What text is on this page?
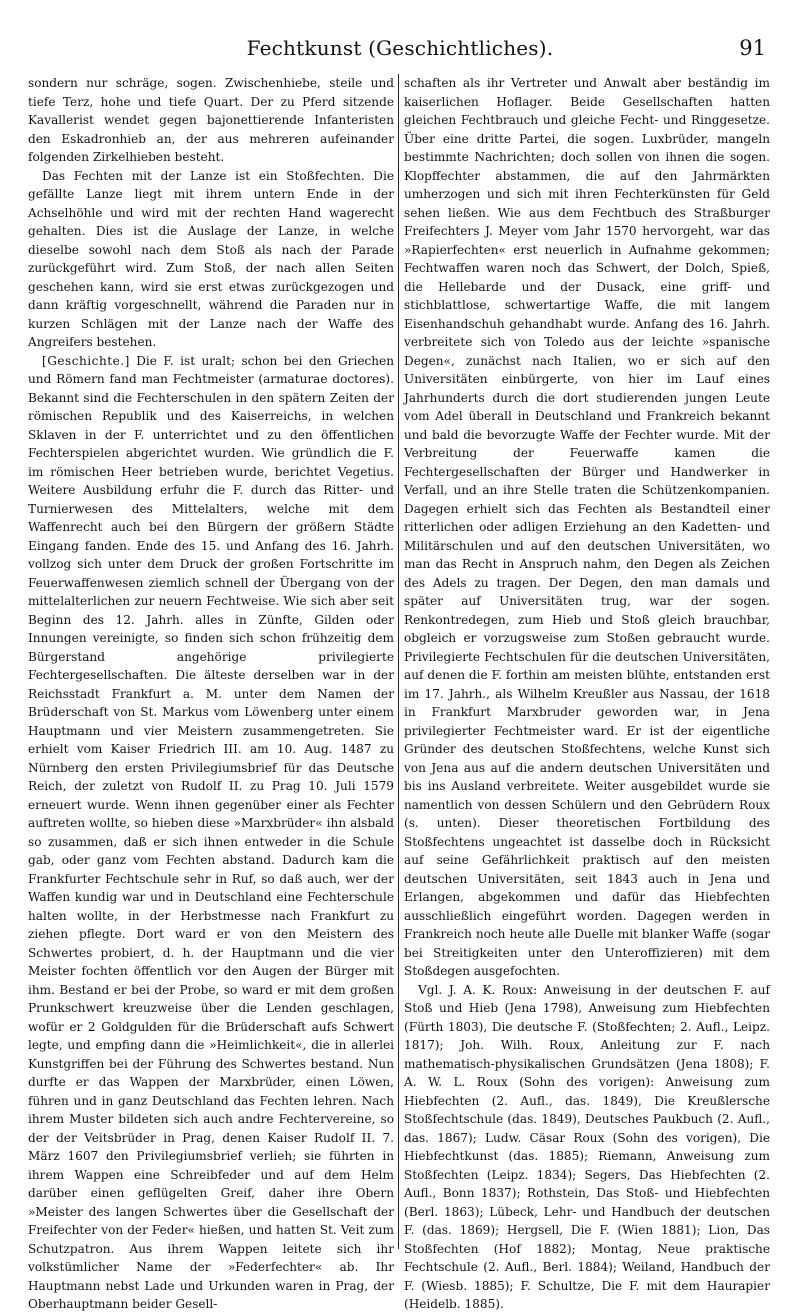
Fechtkunst (Geschichtliches).	91

sondern nur schräge, sogen. Zwischenhiebe, steile und tiefe Terz, hohe und tiefe Quart. Der zu Pferd sitzende Kavallerist wendet gegen bajonettierende Infanteristen den Eskadronhieb an, der aus mehreren aufeinander folgenden Zirkelhieben besteht.

Das Fechten mit der Lanze ist ein Stoßfechten. Die gefällte Lanze liegt mit ihrem untern Ende in der Achselhöhle und wird mit der rechten Hand wagerecht gehalten. Dies ist die Auslage der Lanze, in welche dieselbe sowohl nach dem Stoß als nach der Parade zurückgeführt wird. Zum Stoß, der nach allen Seiten geschehen kann, wird sie erst etwas zurückgezogen und dann kräftig vorgeschnellt, während die Paraden nur in kurzen Schlägen mit der Lanze nach der Waffe des Angreifers bestehen.

[Geschichte.] Die F. ist uralt; schon bei den Griechen und Römern fand man Fechtmeister (armaturae doctores). Bekannt sind die Fechterschulen in den spätern Zeiten der römischen Republik und des Kaiserreichs, in welchen Sklaven in der F. unterrichtet und zu den öffentlichen Fechterspielen abgerichtet wurden. Wie gründlich die F. im römischen Heer betrieben wurde, berichtet Vegetius. Weitere Ausbildung erfuhr die F. durch das Ritter- und Turnierwesen des Mittelalters, welche mit dem Waffenrecht auch bei den Bürgern der größern Städte Eingang fanden. Ende des 15. und Anfang des 16. Jahrh. vollzog sich unter dem Druck der großen Fortschritte im Feuerwaffenwesen ziemlich schnell der Übergang von der mittelalterlichen zur neuern Fechtweise. Wie sich aber seit Beginn des 12. Jahrh. alles in Zünfte, Gilden oder Innungen vereinigte, so finden sich schon frühzeitig dem Bürgerstand angehörige privilegierte Fechtergesellschaften. Die älteste derselben war in der Reichsstadt Frankfurt a. M. unter dem Namen der Brüderschaft von St. Markus vom Löwenberg unter einem Hauptmann und vier Meistern zusammengetreten. Sie erhielt vom Kaiser Friedrich III. am 10. Aug. 1487 zu Nürnberg den ersten Privilegiumsbrief für das Deutsche Reich, der zuletzt von Rudolf II. zu Prag 10. Juli 1579 erneuert wurde. Wenn ihnen gegenüber einer als Fechter auftreten wollte, so hieben diese »Marxbrüder« ihn alsbald so zusammen, daß er sich ihnen entweder in die Schule gab, oder ganz vom Fechten abstand. Dadurch kam die Frankfurter Fechtschule sehr in Ruf, so daß auch, wer der Waffen kundig war und in Deutschland eine Fechterschule halten wollte, in der Herbstmesse nach Frankfurt zu ziehen pflegte. Dort ward er von den Meistern des Schwertes probiert, d. h. der Hauptmann und die vier Meister fochten öffentlich vor den Augen der Bürger mit ihm. Bestand er bei der Probe, so ward er mit dem großen Prunkschwert kreuzweise über die Lenden geschlagen, wofür er 2 Goldgulden für die Brüderschaft aufs Schwert legte, und empfing dann die »Heimlichkeit«, die in allerlei Kunstgriffen bei der Führung des Schwertes bestand. Nun durfte er das Wappen der Marxbrüder, einen Löwen, führen und in ganz Deutschland das Fechten lehren. Nach ihrem Muster bildeten sich auch andre Fechtervereine, so der der Veitsbrüder in Prag, denen Kaiser Rudolf II. 7. März 1607 den Privilegiumsbrief verlieh; sie führten in ihrem Wappen eine Schreibfeder und auf dem Helm darüber einen geflügelten Greif, daher ihre Obern »Meister des langen Schwertes über die Gesellschaft der Freifechter von der Feder« hießen, und hatten St. Veit zum Schutzpatron. Aus ihrem Wappen leitete sich ihr volkstümlicher Name der »Federfechter« ab. Ihr Hauptmann nebst Lade und Urkunden waren in Prag, der Oberhauptmann beider Gesell-

schaften als ihr Vertreter und Anwalt aber beständig im kaiserlichen Hoflager. Beide Gesellschaften hatten gleichen Fechtbrauch und gleiche Fecht- und Ringgesetze. Über eine dritte Partei, die sogen. Luxbrüder, mangeln bestimmte Nachrichten; doch sollen von ihnen die sogen. Klopffechter abstammen, die auf den Jahrmärkten umherzogen und sich mit ihren Fechterkünsten für Geld sehen ließen. Wie aus dem Fechtbuch des Straßburger Freifechters J. Meyer vom Jahr 1570 hervorgeht, war das »Rapierfechten« erst neuerlich in Aufnahme gekommen; Fechtwaffen waren noch das Schwert, der Dolch, Spieß, die Hellebarde und der Dusack, eine griff- und stichblattlose, schwertartige Waffe, die mit langem Eisenhandschuh gehandhabt wurde. Anfang des 16. Jahrh. verbreitete sich von Toledo aus der leichte »spanische Degen«, zunächst nach Italien, wo er sich auf den Universitäten einbürgerte, von hier im Lauf eines Jahrhunderts durch die dort studierenden jungen Leute vom Adel überall in Deutschland und Frankreich bekannt und bald die bevorzugte Waffe der Fechter wurde. Mit der Verbreitung der Feuerwaffe kamen die Fechtergesellschaften der Bürger und Handwerker in Verfall, und an ihre Stelle traten die Schützenkompanien. Dagegen erhielt sich das Fechten als Bestandteil einer ritterlichen oder adligen Erziehung an den Kadetten- und Militärschulen und auf den deutschen Universitäten, wo man das Recht in Anspruch nahm, den Degen als Zeichen des Adels zu tragen. Der Degen, den man damals und später auf Universitäten trug, war der sogen. Renkontredegen, zum Hieb und Stoß gleich brauchbar, obgleich er vorzugsweise zum Stoßen gebraucht wurde. Privilegierte Fechtschulen für die deutschen Universitäten, auf denen die F. forthin am meisten blühte, entstanden erst im 17. Jahrh., als Wilhelm Kreußler aus Nassau, der 1618 in Frankfurt Marxbruder geworden war, in Jena privilegierter Fechtmeister ward. Er ist der eigentliche Gründer des deutschen Stoßfechtens, welche Kunst sich von Jena aus auf die andern deutschen Universitäten und bis ins Ausland verbreitete. Weiter ausgebildet wurde sie namentlich von dessen Schülern und den Gebrüdern Roux (s. unten). Dieser theoretischen Fortbildung des Stoßfechtens ungeachtet ist dasselbe doch in Rücksicht auf seine Gefährlichkeit praktisch auf den meisten deutschen Universitäten, seit 1843 auch in Jena und Erlangen, abgekommen und dafür das Hiebfechten ausschließlich eingeführt worden. Dagegen werden in Frankreich noch heute alle Duelle mit blanker Waffe (sogar bei Streitigkeiten unter den Unteroffizieren) mit dem Stoßdegen ausgefochten.

Vgl. J. A. K. Roux: Anweisung in der deutschen F. auf Stoß und Hieb (Jena 1798), Anweisung zum Hiebfechten (Fürth 1803), Die deutsche F. (Stoßfechten; 2. Aufl., Leipz. 1817); Joh. Wilh. Roux, Anleitung zur F. nach mathematisch-physikalischen Grundsätzen (Jena 1808); F. A. W. L. Roux (Sohn des vorigen): Anweisung zum Hiebfechten (2. Aufl., das. 1849), Die Kreußlersche Stoßfechtschule (das. 1849), Deutsches Paukbuch (2. Aufl., das. 1867); Ludw. Cäsar Roux (Sohn des vorigen), Die Hiebfechtkunst (das. 1885); Riemann, Anweisung zum Stoßfechten (Leipz. 1834); Segers, Das Hiebfechten (2. Aufl., Bonn 1837); Rothstein, Das Stoß- und Hiebfechten (Berl. 1863); Lübeck, Lehr- und Handbuch der deutschen F. (das. 1869); Hergsell, Die F. (Wien 1881); Lion, Das Stoßfechten (Hof 1882); Montag, Neue praktische Fechtschule (2. Aufl., Berl. 1884); Weiland, Handbuch der F. (Wiesb. 1885); F. Schultze, Die F. mit dem Haurapier (Heidelb. 1885).
